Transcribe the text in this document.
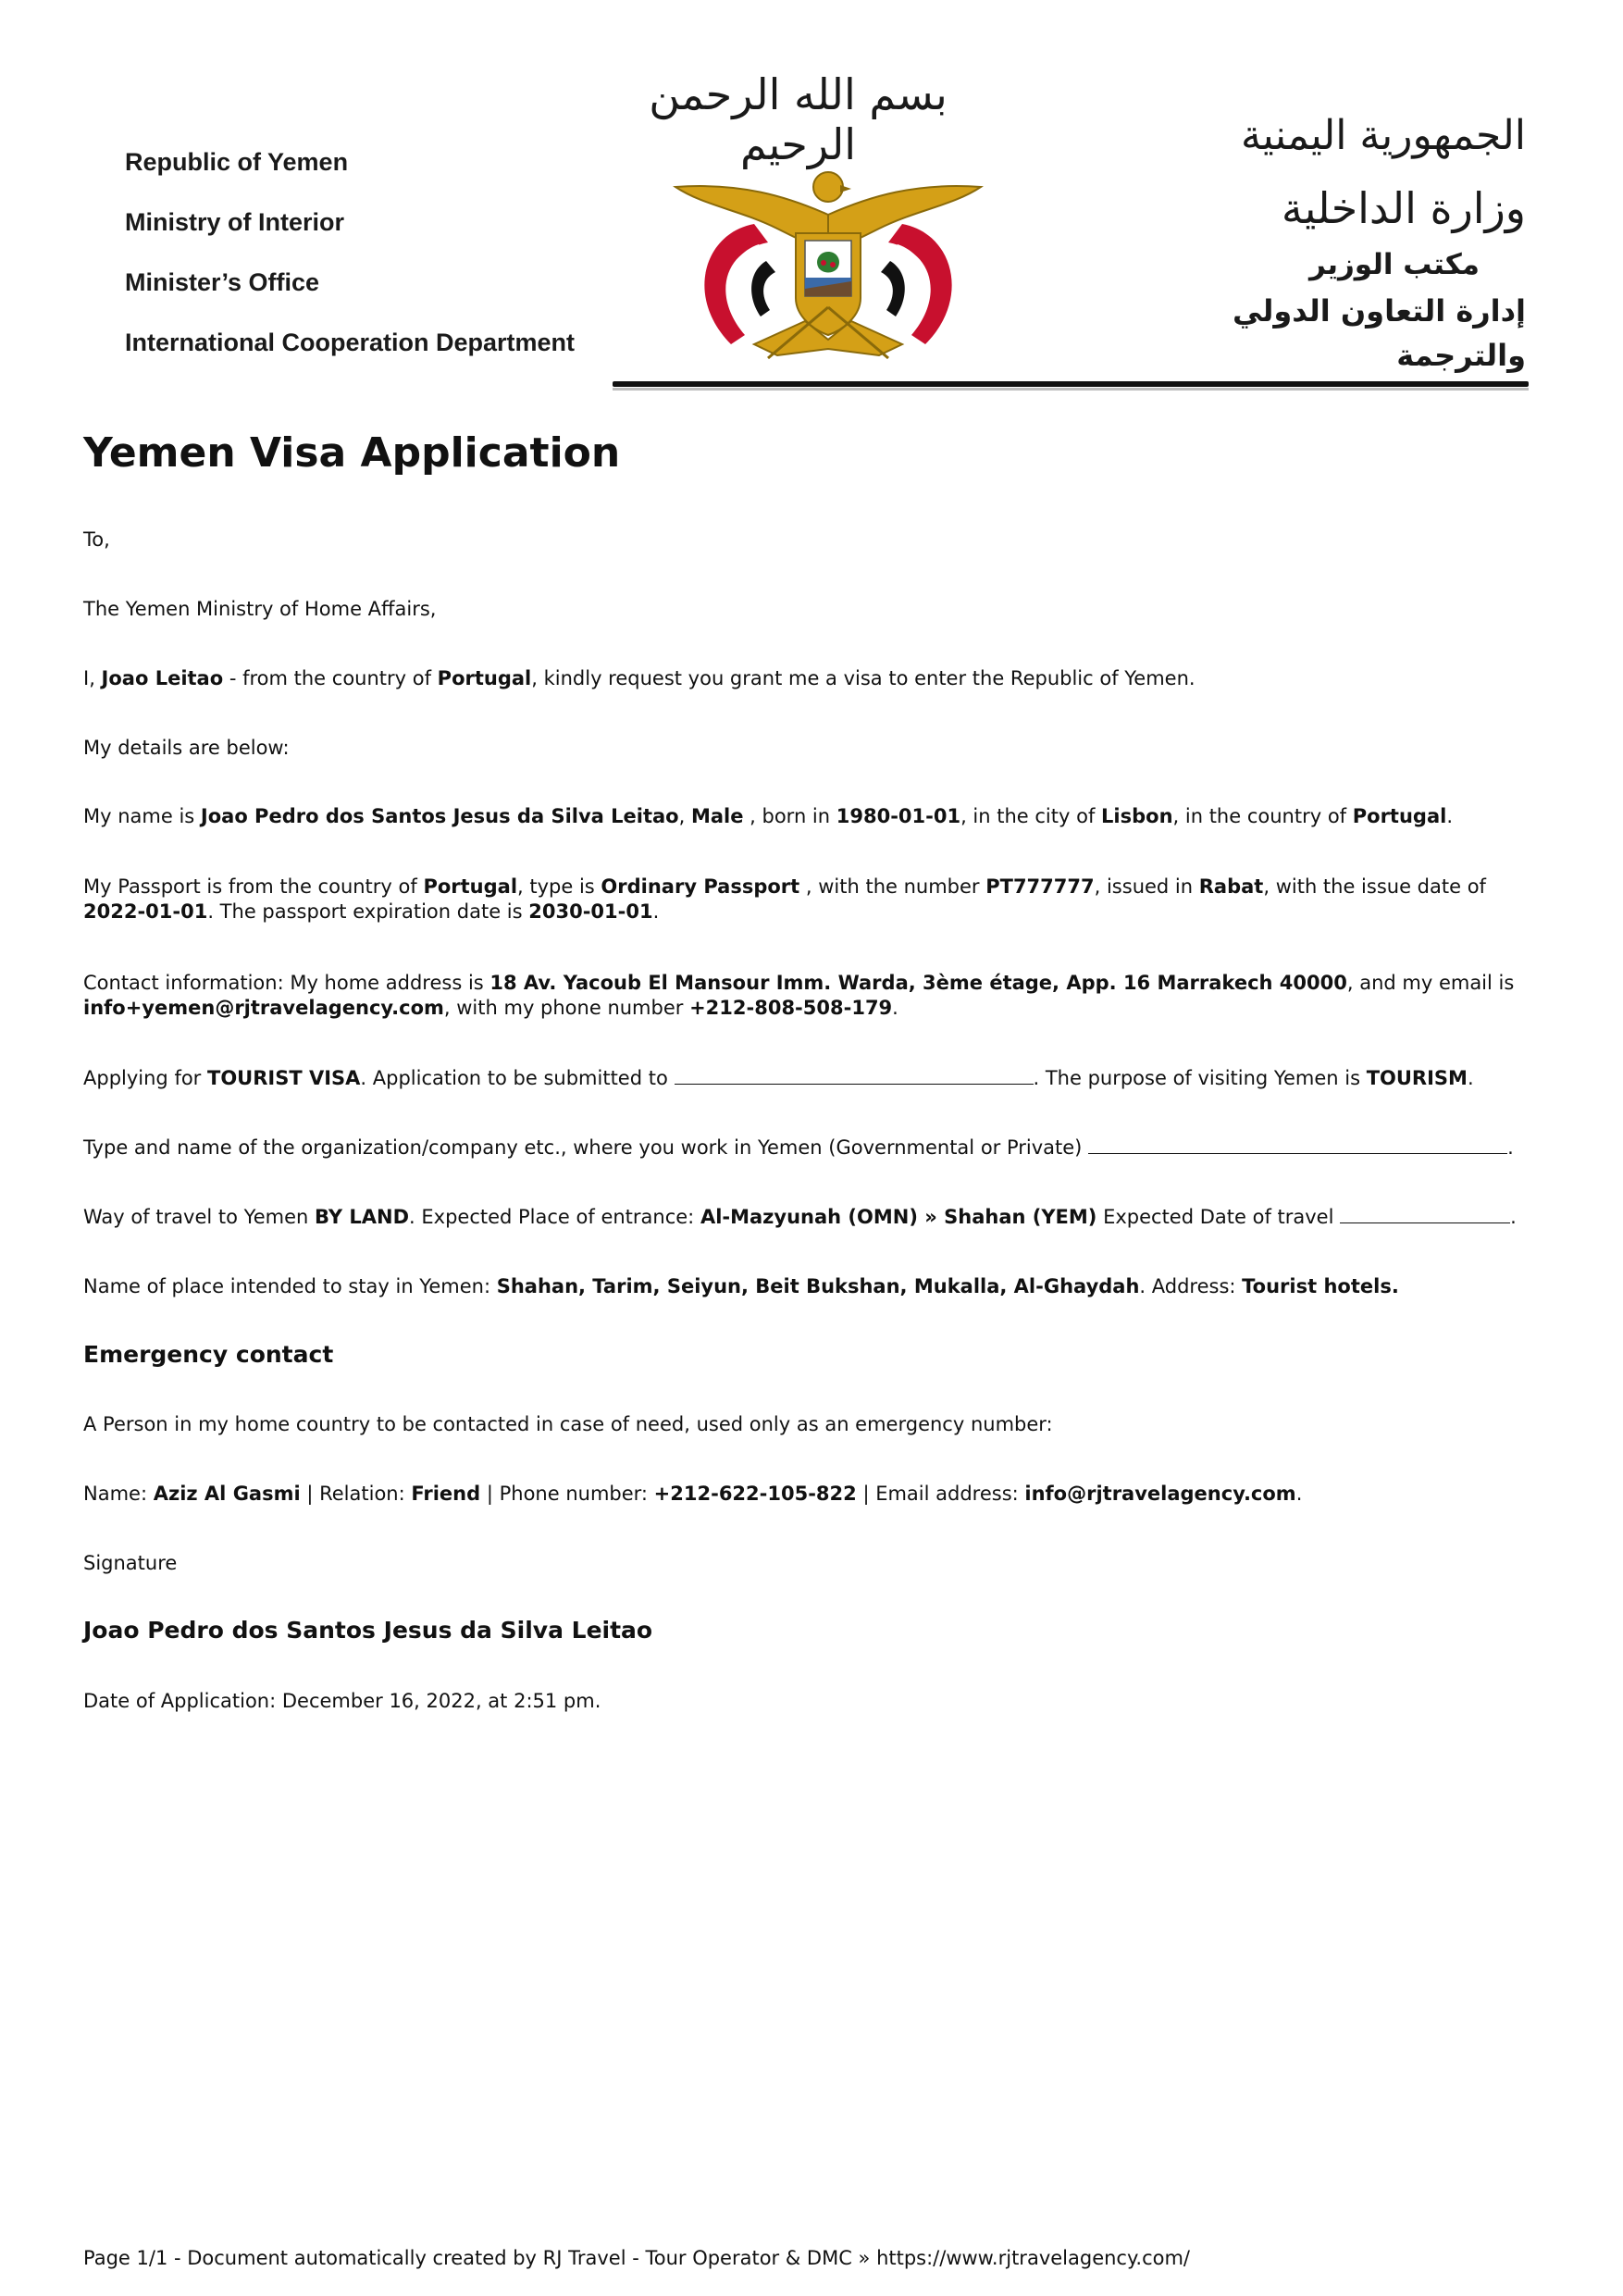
Republic of Yemen
Ministry of Interior
Minister’s Office
International Cooperation Department
بسم الله الرحمن الرحيم	الجمهورية اليمنية
وزارة الداخلية
مكتب الوزير
إدارة التعاون الدولي والترجمة
Yemen Visa Application

To,

The Yemen Ministry of Home Affairs,

I, Joao Leitao - from the country of Portugal, kindly request you grant me a visa to enter the Republic of Yemen.

My details are below:

My name is Joao Pedro dos Santos Jesus da Silva Leitao, Male , born in 1980-01-01, in the city of Lisbon, in the country of Portugal.

My Passport is from the country of Portugal, type is Ordinary Passport , with the number PT777777, issued in Rabat, with the issue date of 2022-01-01. The passport expiration date is 2030-01-01.

Contact information: My home address is 18 Av. Yacoub El Mansour Imm. Warda, 3ème étage, App. 16 Marrakech 40000, and my email is info+yemen@rjtravelagency.com, with my phone number +212-808-508-179.

Applying for TOURIST VISA. Application to be submitted to	. The purpose of visiting Yemen is TOURISM.

Type and name of the organization/company etc., where you work in Yemen (Governmental or Private)	.

Way of travel to Yemen BY LAND. Expected Place of entrance: Al-Mazyunah (OMN) » Shahan (YEM) Expected Date of travel	.

Name of place intended to stay in Yemen: Shahan, Tarim, Seiyun, Beit Bukshan, Mukalla, Al-Ghaydah. Address: Tourist hotels.

Emergency contact

A Person in my home country to be contacted in case of need, used only as an emergency number:

Name: Aziz Al Gasmi | Relation: Friend | Phone number: +212-622-105-822 | Email address: info@rjtravelagency.com.

Signature

Joao Pedro dos Santos Jesus da Silva Leitao

Date of Application: December 16, 2022, at 2:51 pm.

Page 1/1 - Document automatically created by RJ Travel - Tour Operator & DMC » https://www.rjtravelagency.com/
